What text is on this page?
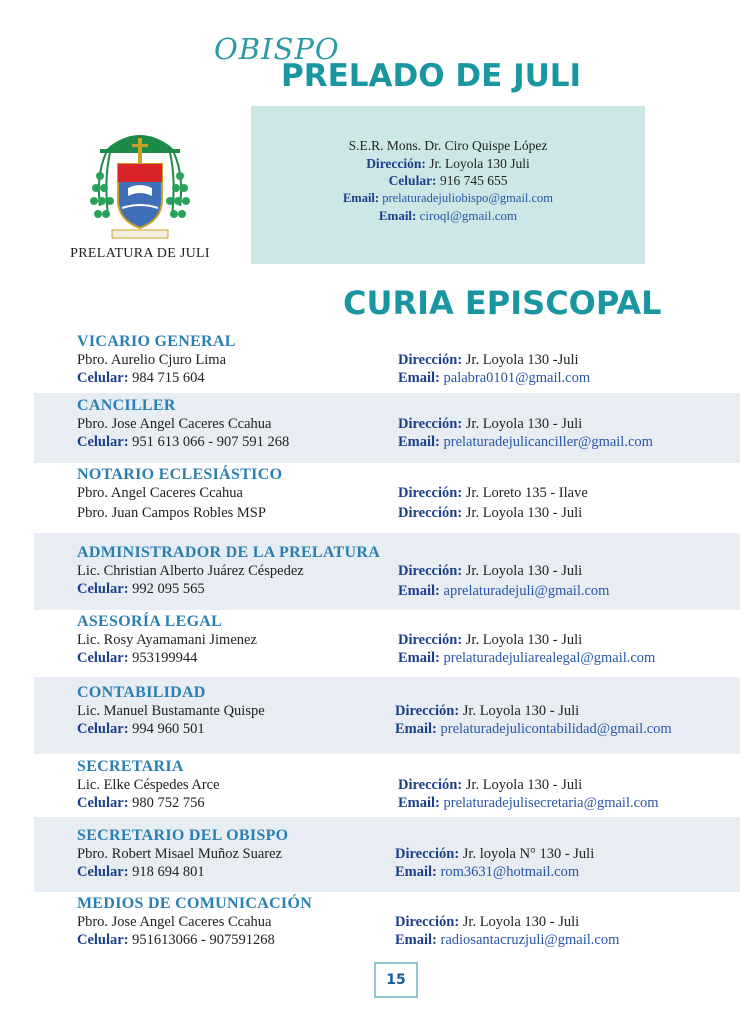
OBISPO
PRELADO DE JULI
PRELATURA DE JULI
S.E.R. Mons. Dr. Ciro Quispe López
Dirección: Jr. Loyola 130 Juli
Celular: 916 745 655
Email: prelaturadejuliobispo@gmail.com
Email: ciroql@gmail.com
CURIA EPISCOPAL
VICARIO GENERAL
Pbro. Aurelio Cjuro Lima
Celular: 984 715 604
Dirección: Jr. Loyola 130 -Juli
Email: palabra0101@gmail.com
CANCILLER
Pbro. Jose Angel Caceres Ccahua
Celular: 951 613 066 - 907 591 268
Dirección: Jr. Loyola 130 - Juli
Email: prelaturadejulicanciller@gmail.com
NOTARIO ECLESIÁSTICO
Pbro. Angel Caceres Ccahua
Pbro. Juan Campos Robles MSP
Dirección: Jr. Loreto 135 - Ilave
Dirección: Jr. Loyola 130 - Juli
ADMINISTRADOR DE LA PRELATURA
Lic. Christian Alberto Juárez Céspedez
Celular: 992 095 565
Dirección: Jr. Loyola 130 - Juli
Email: aprelaturadejuli@gmail.com
ASESORÍA LEGAL
Lic. Rosy Ayamamani Jimenez
Celular: 953199944
Dirección: Jr. Loyola 130 - Juli
Email: prelaturadejuliarealegal@gmail.com
CONTABILIDAD
Lic. Manuel Bustamante Quispe
Celular: 994 960 501
Dirección: Jr. Loyola 130 - Juli
Email: prelaturadejulicontabilidad@gmail.com
SECRETARIA
Lic. Elke Céspedes Arce
Celular: 980 752 756
Dirección: Jr. Loyola 130 - Juli
Email: prelaturadejulisecretaria@gmail.com
SECRETARIO DEL OBISPO
Pbro. Robert Misael Muñoz Suarez
Celular: 918 694 801
Dirección: Jr. loyola N° 130 - Juli
Email: rom3631@hotmail.com
MEDIOS DE COMUNICACIÓN
Pbro. Jose Angel Caceres Ccahua
Celular: 951613066 - 907591268
Dirección: Jr. Loyola 130 - Juli
Email: radiosantacruzjuli@gmail.com
15
